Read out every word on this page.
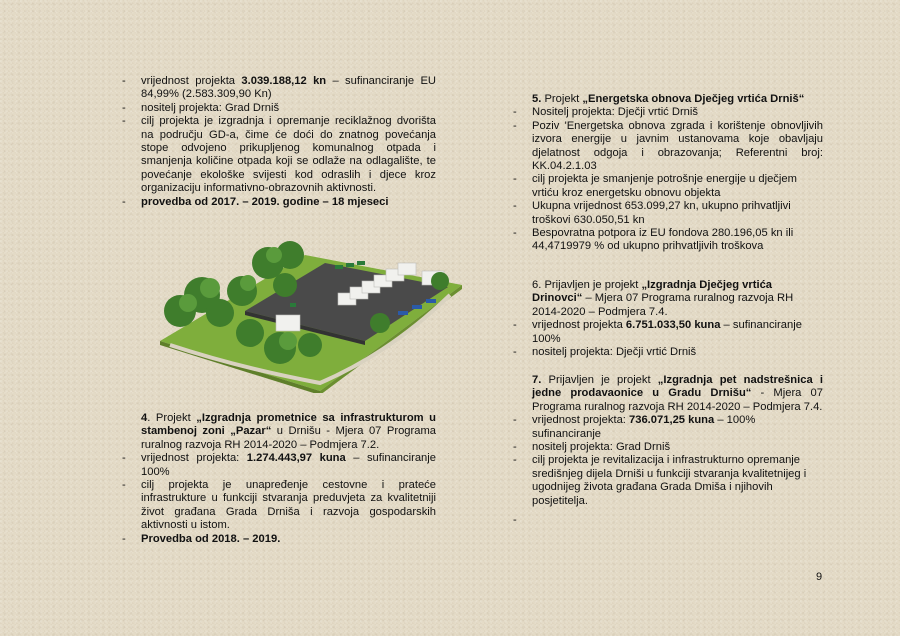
- vrijednost projekta 3.039.188,12 kn – sufinanciranje EU 84,99% (2.583.309,90 Kn)
- nositelj projekta: Grad Drniš
- cilj projekta je izgradnja i opremanje reciklažnog dvorišta na području GD-a, čime će doći do znatnog povećanja stope odvojeno prikupljenog komunalnog otpada i smanjenja količine otpada koji se odlaže na odlagalište, te povećanje ekološke svijesti kod odraslih i djece kroz organizaciju informativno-obrazovnih aktivnosti.
- provedba od 2017. – 2019. godine – 18 mjeseci
4. Projekt „Izgradnja prometnice sa infrastrukturom u stambenoj zoni „Pazar“ u Drnišu - Mjera 07 Programa ruralnog razvoja RH 2014-2020 – Podmjera 7.2.
- vrijednost projekta: 1.274.443,97 kuna – sufinanciranje 100%
- cilj projekta je unapređenje cestovne i prateće infrastrukture u funkciji stvaranja preduvjeta za kvalitetniji život građana Grada Drniša i razvoja gospodarskih aktivnosti u istom.
- Provedba od 2018. – 2019.
5. Projekt „Energetska obnova Dječjeg vrtića Drniš“
- Nositelj projekta: Dječji vrtić Drniš
- Poziv 'Energetska obnova zgrada i korištenje obnovljivih izvora energije u javnim ustanovama koje obavljaju djelatnost odgoja i obrazovanja; Referentni broj: KK.04.2.1.03
- cilj projekta je smanjenje potrošnje energije u dječjem vrtiću kroz energetsku obnovu objekta
- Ukupna vrijednost 653.099,27 kn, ukupno prihvatljivi troškovi 630.050,51 kn
- Bespovratna potpora iz EU fondova 280.196,05 kn ili 44,4719979 % od ukupno prihvatljivih troškova
6. Prijavljen je projekt „Izgradnja Dječjeg vrtića Drinovci“ – Mjera 07 Programa ruralnog razvoja RH 2014-2020 – Podmjera 7.4.
- vrijednost projekta 6.751.033,50 kuna – sufinanciranje 100%
- nositelj projekta: Dječji vrtić Drniš
7. Prijavljen je projekt „Izgradnja pet nadstrešnica i jedne prodavaonice u Gradu Drnišu“ - Mjera 07 Programa ruralnog razvoja RH 2014-2020 – Podmjera 7.4.
- vrijednost projekta: 736.071,25 kuna – 100% sufinanciranje
- nositelj projekta: Grad Drniš
- cilj projekta je revitalizacija i infrastrukturno opremanje središnjeg dijela Drniši u funkciji stvaranja kvalitetnijeg i ugodnijeg života građana Grada Dmiša i njihovih posjetitelja.
-
9
